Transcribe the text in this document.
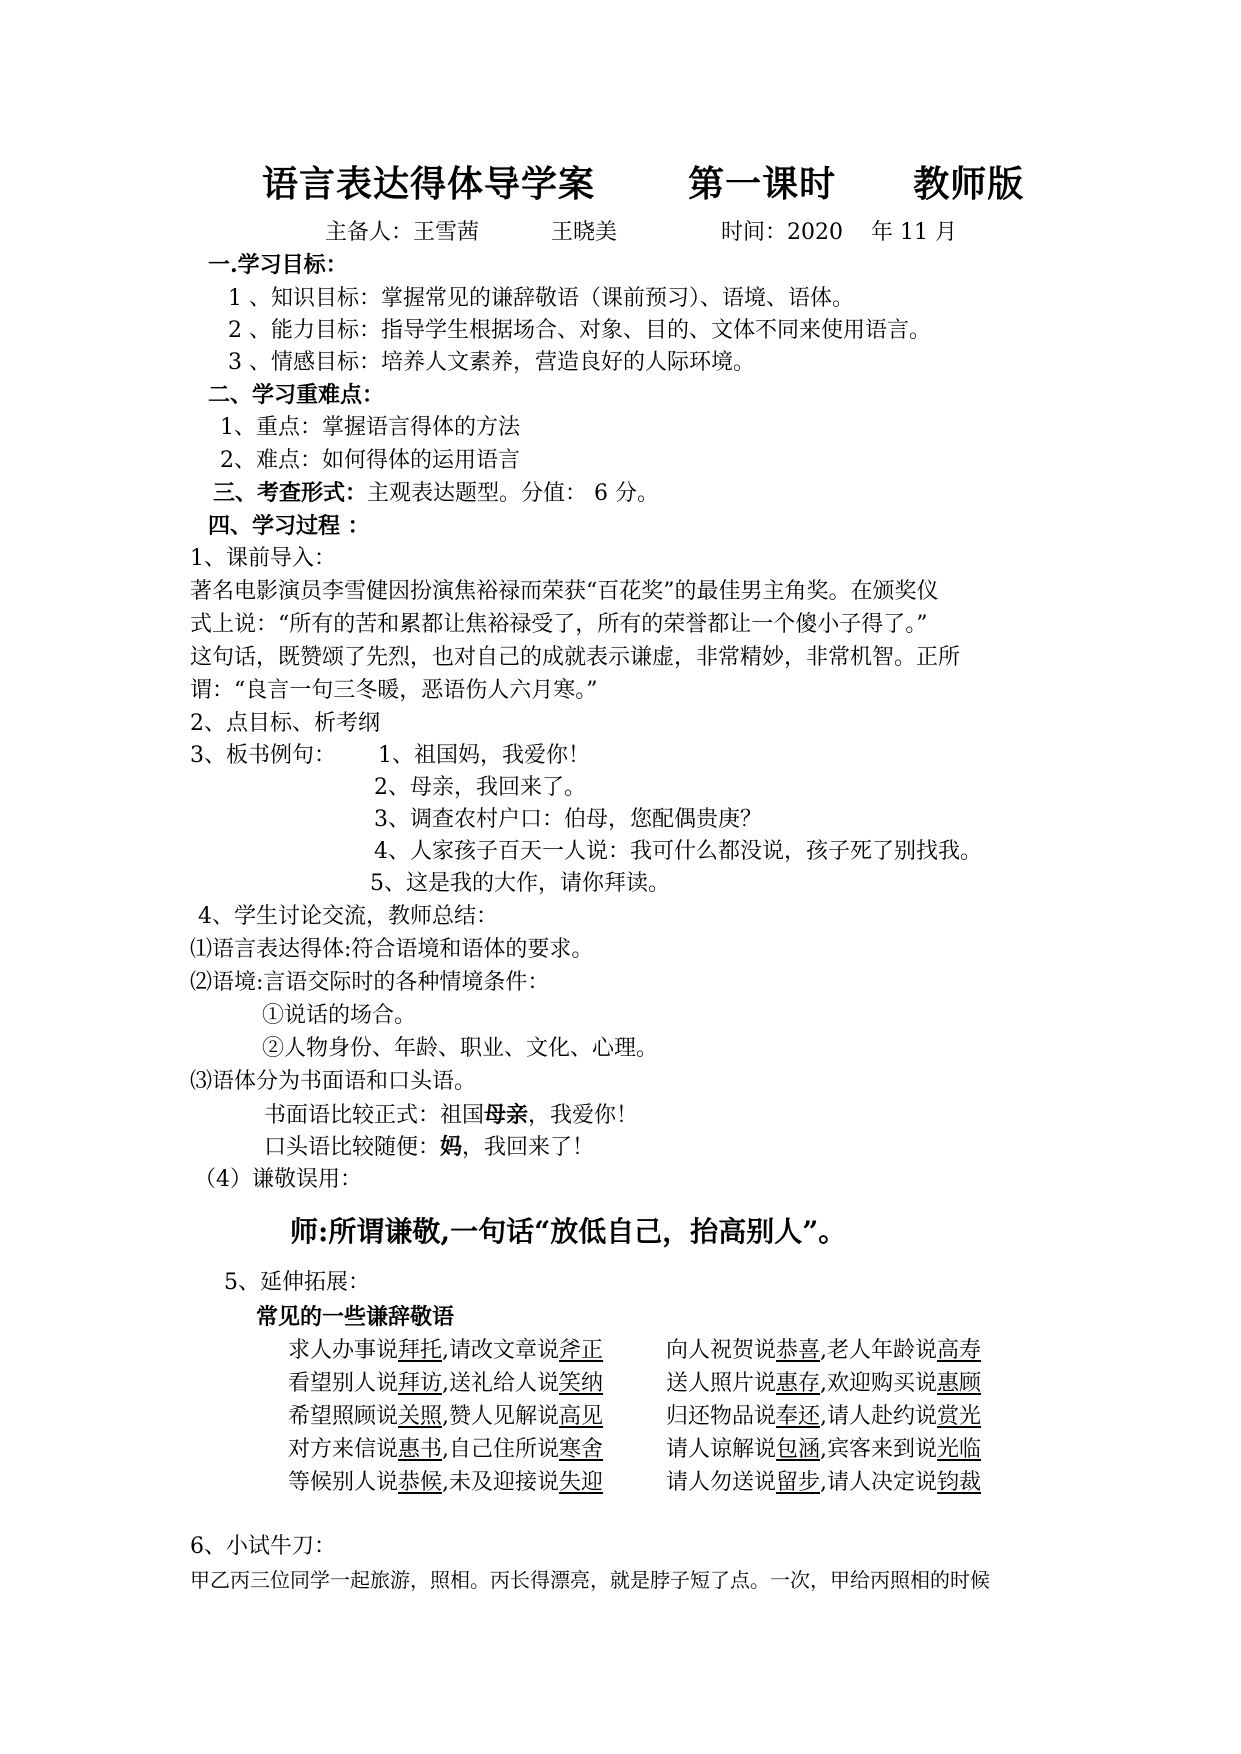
语言表达得体导学案	第一课时 教师版
主备人：王雪茜	王晓美	时间：2020 年 11 月
一.学习目标：
1 、知识目标：掌握常见的谦辞敬语（课前预习）、语境、语体。
2 、能力目标：指导学生根据场合、对象、目的、文体不同来使用语言。
3 、情感目标：培养人文素养，营造良好的人际环境。
二、学习重难点：
1、重点：掌握语言得体的方法
2、难点：如何得体的运用语言
三、考查形式：主观表达题型。分值： 6 分。
四、学习过程 ：
1、课前导入：
著名电影演员李雪健因扮演焦裕禄而荣获“百花奖”的最佳男主角奖。在颁奖仪
式上说：“所有的苦和累都让焦裕禄受了，所有的荣誉都让一个傻小子得了。”
这句话，既赞颂了先烈，也对自己的成就表示谦虚，非常精妙，非常机智。正所
谓：“良言一句三冬暖，恶语伤人六月寒。”
2、点目标、析考纲
3、板书例句： 1、祖国妈，我爱你！
2、母亲，我回来了。
3、调查农村户口：伯母，您配偶贵庚？
4、人家孩子百天一人说：我可什么都没说，孩子死了别找我。
5、这是我的大作，请你拜读。
4、学生讨论交流，教师总结：
⑴语言表达得体:符合语境和语体的要求。
⑵语境:言语交际时的各种情境条件：
①说话的场合。
②人物身份、年龄、职业、文化、心理。
⑶语体分为书面语和口头语。
书面语比较正式：祖国母亲，我爱你！
口头语比较随便：妈，我回来了！
（4）谦敬误用：
师:所谓谦敬,一句话“放低自己，抬高别人”。
5、延伸拓展：
常见的一些谦辞敬语
求人办事说拜托,请改文章说斧正	向人祝贺说恭喜,老人年龄说高寿
看望别人说拜访,送礼给人说笑纳	送人照片说惠存,欢迎购买说惠顾
希望照顾说关照,赞人见解说高见	归还物品说奉还,请人赴约说赏光
对方来信说惠书,自己住所说寒舍	请人谅解说包涵,宾客来到说光临
等候别人说恭候,未及迎接说失迎	请人勿送说留步,请人决定说钧裁
6、小试牛刀：
甲乙丙三位同学一起旅游，照相。丙长得漂亮，就是脖子短了点。一次，甲给丙照相的时候
